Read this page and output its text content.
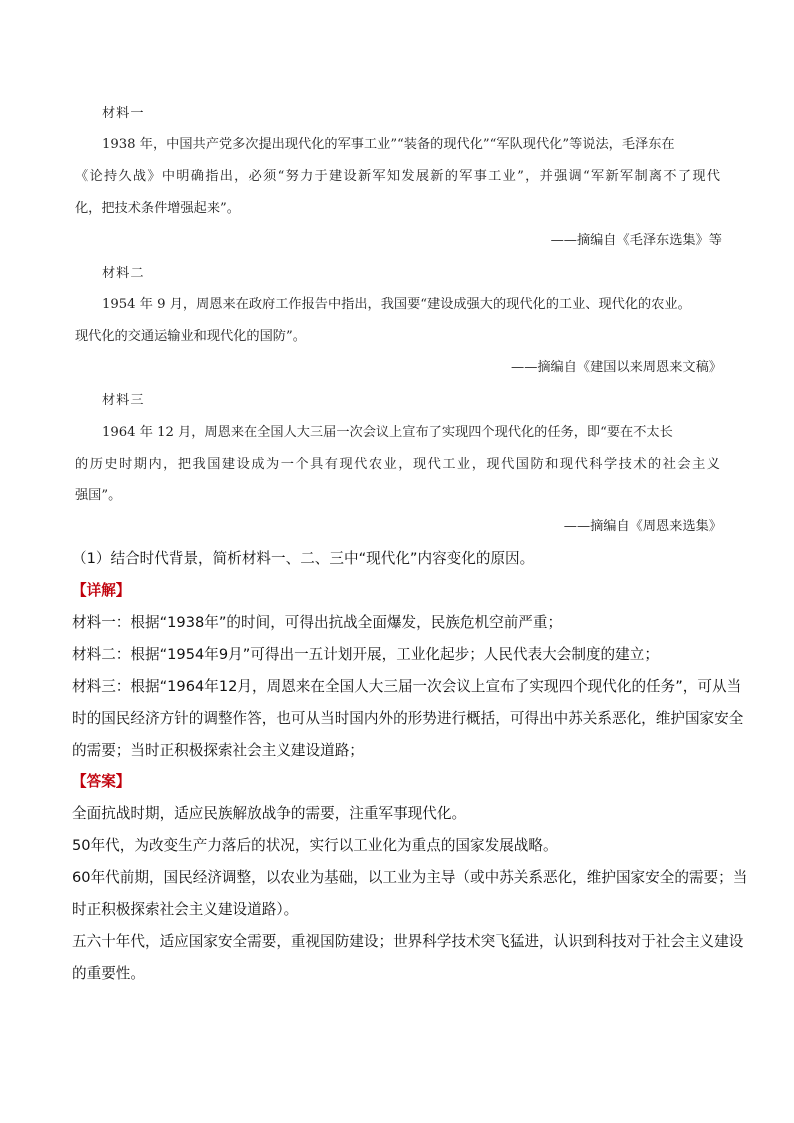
材料一
1938 年，中国共产党多次提出现代化的军事工业”“装备的现代化”“军队现代化”等说法，毛泽东在
《论持久战》中明确指出，必须“努力于建设新军知发展新的军事工业”，并强调“军新军制离不了现代
化，把技术条件增强起来”。
——摘编自《毛泽东选集》等
材料二
1954 年 9 月，周恩来在政府工作报告中指出，我国要“建设成强大的现代化的工业、现代化的农业。
现代化的交通运输业和现代化的国防”。
——摘编自《建国以来周恩来文稿》
材料三
1964 年 12 月，周恩来在全国人大三届一次会议上宣布了实现四个现代化的任务，即“要在不太长
的历史时期内，把我国建设成为一个具有现代农业，现代工业，现代国防和现代科学技术的社会主义
强国”。
——摘编自《周恩来选集》
（1）结合时代背景，简析材料一、二、三中“现代化”内容变化的原因。
【详解】
材料一：根据“1938年”的时间，可得出抗战全面爆发，民族危机空前严重；
材料二：根据“1954年9月”可得出一五计划开展，工业化起步；人民代表大会制度的建立；
材料三：根据“1964年12月，周恩来在全国人大三届一次会议上宣布了实现四个现代化的任务”，可从当
时的国民经济方针的调整作答，也可从当时国内外的形势进行概括，可得出中苏关系恶化，维护国家安全
的需要；当时正积极探索社会主义建设道路；
【答案】
全面抗战时期，适应民族解放战争的需要，注重军事现代化。
50年代，为改变生产力落后的状况，实行以工业化为重点的国家发展战略。
60年代前期，国民经济调整，以农业为基础，以工业为主导（或中苏关系恶化，维护国家安全的需要；当
时正积极探索社会主义建设道路）。
五六十年代，适应国家安全需要，重视国防建设；世界科学技术突飞猛进，认识到科技对于社会主义建设
的重要性。
